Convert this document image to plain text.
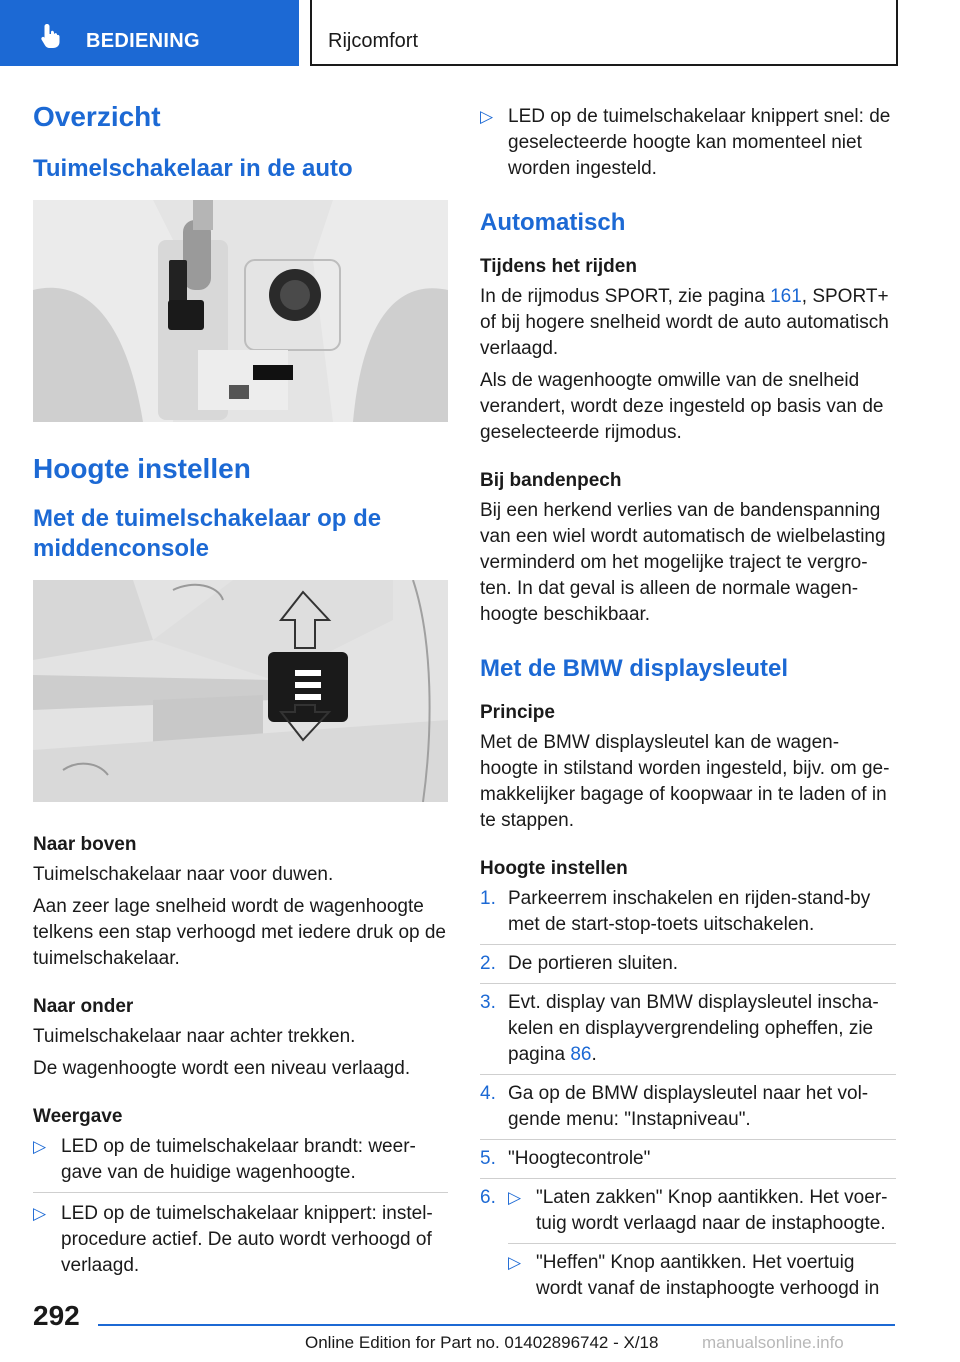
BEDIENING	Rijcomfort
Overzicht
Tuimelschakelaar in de auto
Hoogte instellen
Met de tuimelschakelaar op de middenconsole
Naar boven

Tuimelschakelaar naar voor duwen.

Aan zeer lage snelheid wordt de wagenhoogte telkens een stap verhoogd met iedere druk op de tuimelschakelaar.

Naar onder

Tuimelschakelaar naar achter trekken.

De wagenhoogte wordt een niveau verlaagd.

Weergave
▷ LED op de tuimelschakelaar brandt: weer-gave van de huidige wagenhoogte.
▷ LED op de tuimelschakelaar knippert: instel-procedure actief. De auto wordt verhoogd of verlaagd.
▷ LED op de tuimelschakelaar knippert snel: de geselecteerde hoogte kan momenteel niet worden ingesteld.
Automatisch
Tijdens het rijden

In de rijmodus SPORT, zie pagina 161, SPORT+ of bij hogere snelheid wordt de auto automatisch verlaagd.

Als de wagenhoogte omwille van de snelheid verandert, wordt deze ingesteld op basis van de geselecteerde rijmodus.

Bij bandenpech

Bij een herkend verlies van de bandenspanning van een wiel wordt automatisch de wielbelasting verminderd om het mogelijke traject te vergro-ten. In dat geval is alleen de normale wagen-hoogte beschikbaar.

Met de BMW displaysleutel
Principe

Met de BMW displaysleutel kan de wagen-hoogte in stilstand worden ingesteld, bijv. om ge-makkelijker bagage of koopwaar in te laden of in te stappen.

Hoogte instellen
1. Parkeerrem inschakelen en rijden-stand-by met de start-stop-toets uitschakelen.
2. De portieren sluiten.
3. Evt. display van BMW displaysleutel inscha-kelen en displayvergrendeling opheffen, zie pagina 86.
4. Ga op de BMW displaysleutel naar het vol-gende menu: "Instapniveau".
5. "Hoogtecontrole"
6. ▷ "Laten zakken" Knop aantikken. Het voer-tuig wordt verlaagd naar de instaphoogte.
▷ "Heffen" Knop aantikken. Het voertuig wordt vanaf de instaphoogte verhoogd in
292
Online Edition for Part no. 01402896742 - X/18	manualsonline.info
